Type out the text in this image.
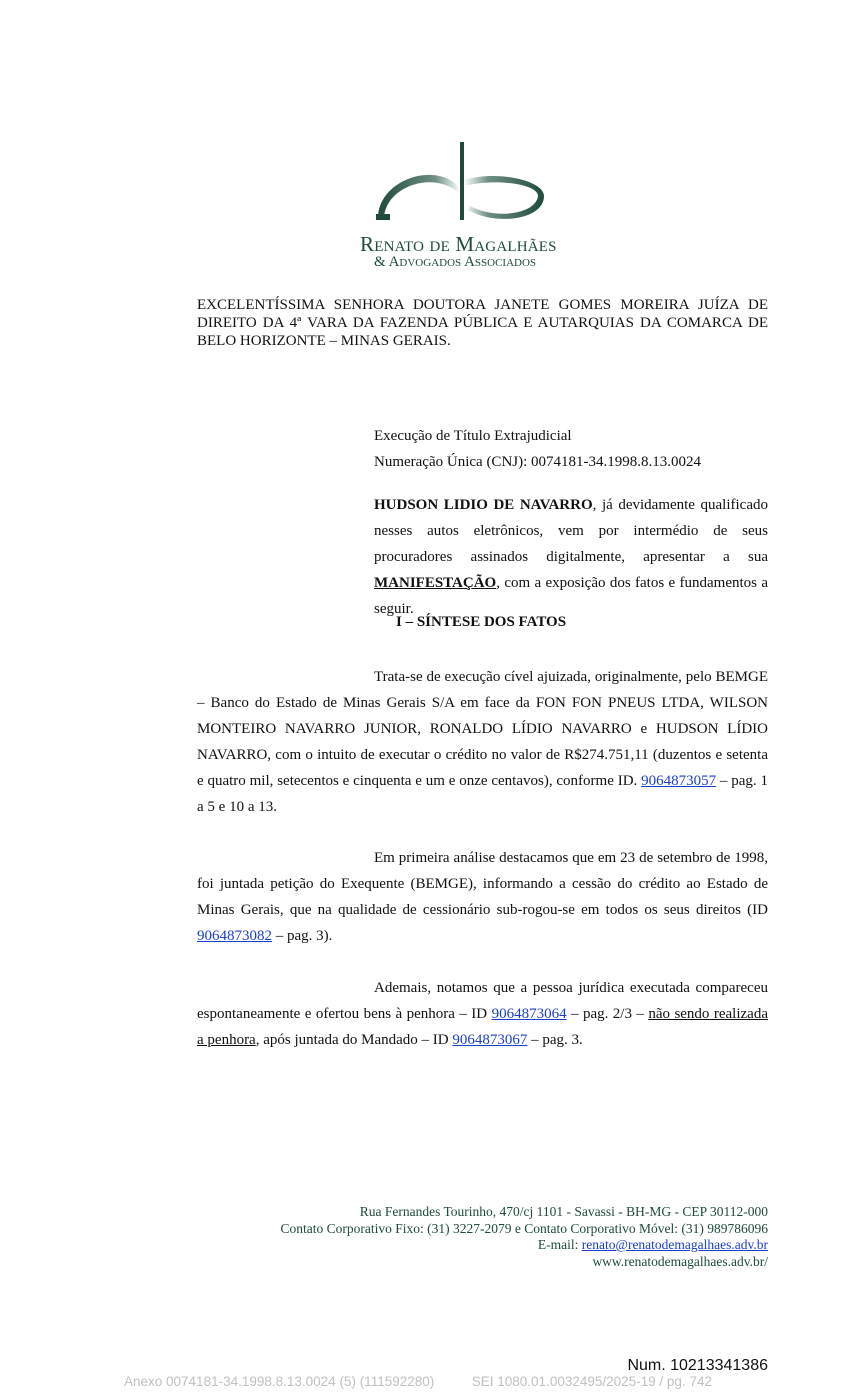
Renato de Magalhães
& Advogados Associados
EXCELENTÍSSIMA SENHORA DOUTORA JANETE GOMES MOREIRA JUÍZA DE DIREITO DA 4ª VARA DA FAZENDA PÚBLICA E AUTARQUIAS DA COMARCA DE BELO HORIZONTE – MINAS GERAIS.
Execução de Título Extrajudicial
Numeração Única (CNJ): 0074181-34.1998.8.13.0024
HUDSON LIDIO DE NAVARRO, já devidamente qualificado nesses autos eletrônicos, vem por intermédio de seus procuradores assinados digitalmente, apresentar a sua MANIFESTAÇÃO, com a exposição dos fatos e fundamentos a seguir.
I – SÍNTESE DOS FATOS
Trata-se de execução cível ajuizada, originalmente, pelo BEMGE – Banco do Estado de Minas Gerais S/A em face da FON FON PNEUS LTDA, WILSON MONTEIRO NAVARRO JUNIOR, RONALDO LÍDIO NAVARRO e HUDSON LÍDIO NAVARRO, com o intuito de executar o crédito no valor de R$274.751,11 (duzentos e setenta e quatro mil, setecentos e cinquenta e um e onze centavos), conforme ID. 9064873057 – pag. 1 a 5 e 10 a 13.
Em primeira análise destacamos que em 23 de setembro de 1998, foi juntada petição do Exequente (BEMGE), informando a cessão do crédito ao Estado de Minas Gerais, que na qualidade de cessionário sub-rogou-se em todos os seus direitos (ID 9064873082 – pag. 3).
Ademais, notamos que a pessoa jurídica executada compareceu espontaneamente e ofertou bens à penhora – ID 9064873064 – pag. 2/3 – não sendo realizada a penhora, após juntada do Mandado – ID 9064873067 – pag. 3.
Rua Fernandes Tourinho, 470/cj 1101 - Savassi - BH-MG - CEP 30112-000
Contato Corporativo Fixo: (31) 3227-2079 e Contato Corporativo Móvel: (31) 989786096
E-mail: renato@renatodemagalhaes.adv.br
www.renatodemagalhaes.adv.br/
Num. 10213341386
Anexo 0074181-34.1998.8.13.0024 (5) (111592280)          SEI 1080.01.0032495/2025-19 / pg. 742
